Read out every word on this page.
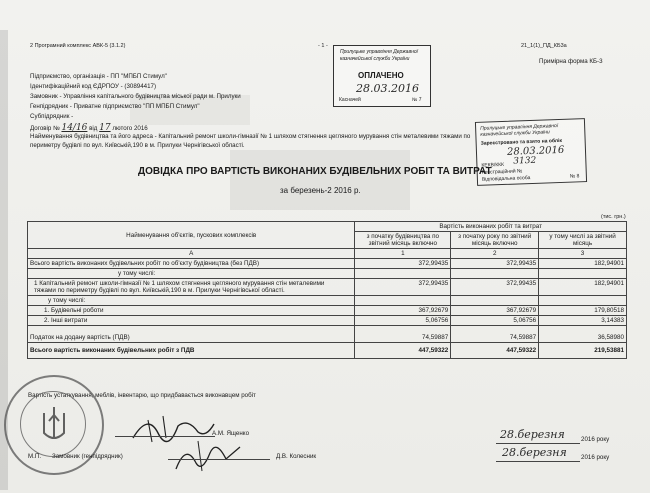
2 Програмний комплекс АВК-5 (3.1.2)	- 1 -	21_1(1)_ПД_КБ3а
Примірна форма КБ-3
Прилуцьке управління Державної
казначейської служби України
ОПЛАЧЕНО
28.03.2016
Касначей	№ 7
Підприємство, організація - ПП "МПБП Стимул"
Ідентифікаційний код ЄДРПОУ - (30894417)
Замовник - Управління капітального будівництва міської ради м. Прилуки
Генпідрядник - Приватне підприємство "ПП МПБП Стимул"
Субпідрядник -
Договір № 14/16 від 17 лютого 2016
Найменування будівництва та його адреса - Капітальний ремонт школи-гімназії № 1 шляхом стягнення цегляного мурування стін металевими тяжами по
периметру будівлі по вул. Київській,190 в м. Прилуки Чернігівської області.
Прилуцьке управління Державної
казначейської служби України
Зареєстровано та взято на облік
28.03.2016
КЕКВ/ККК 3132
Реєстраційний №
Відповідальна особа	№ 8
ДОВІДКА ПРО ВАРТІСТЬ ВИКОНАНИХ БУДІВЕЛЬНИХ РОБІТ ТА ВИТРАТ
за березень-2 2016 р.
(тис. грн.)
Найменування об'єктів, пускових комплексів	Вартість виконаних робіт та витрат		
	з початку будівництва по звітний місяць включно	з початку року по звітний місяць включно	у тому числі за звітний місяць
А	1	2	3
Всього вартість виконаних будівельних робіт по об'єкту будівництва (без ПДВ)	372,99435	372,99435	182,94901
у тому числі:			
1 Капітальний ремонт школи-гімназії № 1 шляхом стягнення цегляного мурування стін металевими тяжами по периметру будівлі по вул. Київській,190 в м. Прилуки Чернігівської області.	372,99435	372,99435	182,94901
у тому числі:			
1. Будівельні роботи	367,92679	367,92679	179,80518
2. Інші витрати	5,06756	5,06756	3,14383
Податок на додану вартість (ПДВ)	74,59887	74,59887	36,58980
Всього вартість виконаних будівельних робіт з ПДВ	447,59322	447,59322	219,53881
Вартість устаткування, меблів, інвентарю, що придбавається виконавцем робіт
А.М. Ященко	28.березня	2016 року
М.П. Замовник (генпідрядник)	Д.В. Колесник	28.березня 2016 року
